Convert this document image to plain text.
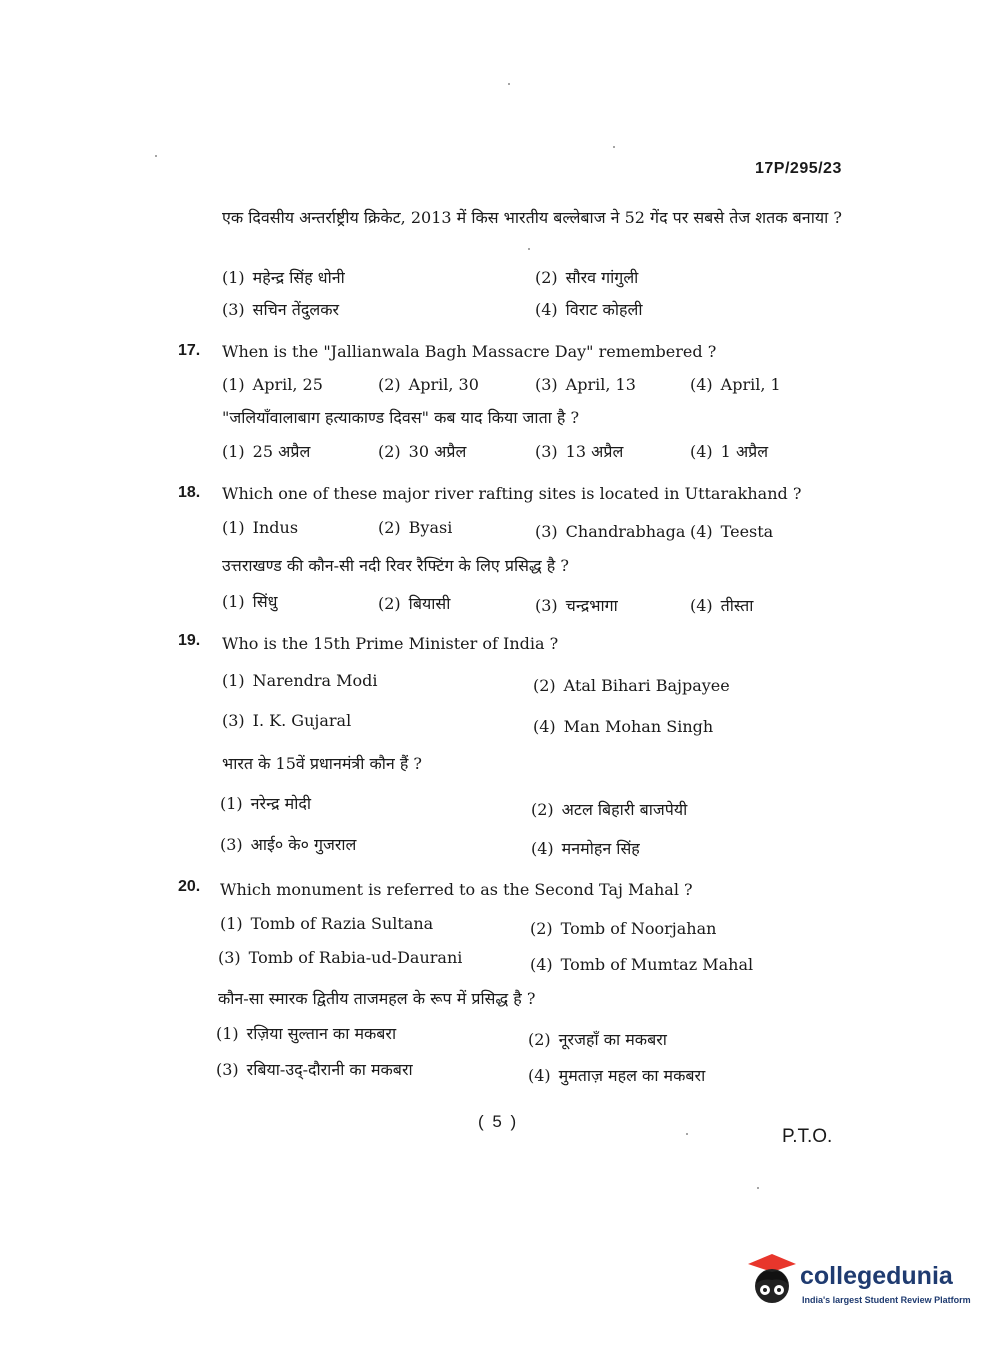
17P/295/23
एक दिवसीय अन्तर्राष्ट्रीय क्रिकेट, 2013 में किस भारतीय बल्लेबाज ने 52 गेंद पर सबसे तेज शतक बनाया ?
(1) महेन्द्र सिंह धोनी	(2) सौरव गांगुली
(3) सचिन तेंदुलकर	(4) विराट कोहली
17. When is the "Jallianwala Bagh Massacre Day" remembered ?
(1) April, 25	(2) April, 30	(3) April, 13	(4) April, 1
"जलियाँवालाबाग हत्याकाण्ड दिवस" कब याद किया जाता है ?
(1) 25 अप्रैल	(2) 30 अप्रैल	(3) 13 अप्रैल	(4) 1 अप्रैल
18. Which one of these major river rafting sites is located in Uttarakhand ?
(1) Indus	(2) Byasi	(3) Chandrabhaga (4) Teesta
उत्तराखण्ड की कौन-सी नदी रिवर रैफ्टिंग के लिए प्रसिद्ध है ?
(1) सिंधु	(2) बियासी	(3) चन्द्रभागा	(4) तीस्ता
19. Who is the 15th Prime Minister of India ?
(1) Narendra Modi	(2) Atal Bihari Bajpayee
(3) I. K. Gujaral	(4) Man Mohan Singh
भारत के 15वें प्रधानमंत्री कौन हैं ?
(1) नरेन्द्र मोदी	(2) अटल बिहारी बाजपेयी
(3) आई० के० गुजराल	(4) मनमोहन सिंह
20. Which monument is referred to as the Second Taj Mahal ?
(1) Tomb of Razia Sultana	(2) Tomb of Noorjahan
(3) Tomb of Rabia-ud-Daurani	(4) Tomb of Mumtaz Mahal
कौन-सा स्मारक द्वितीय ताजमहल के रूप में प्रसिद्ध है ?
(1) रज़िया सुल्तान का मकबरा	(2) नूरजहाँ का मकबरा
(3) रबिया-उद्-दौरानी का मकबरा	(4) मुमताज़ महल का मकबरा
( 5 )
P.T.O.
collegedunia
India's largest Student Review Platform
